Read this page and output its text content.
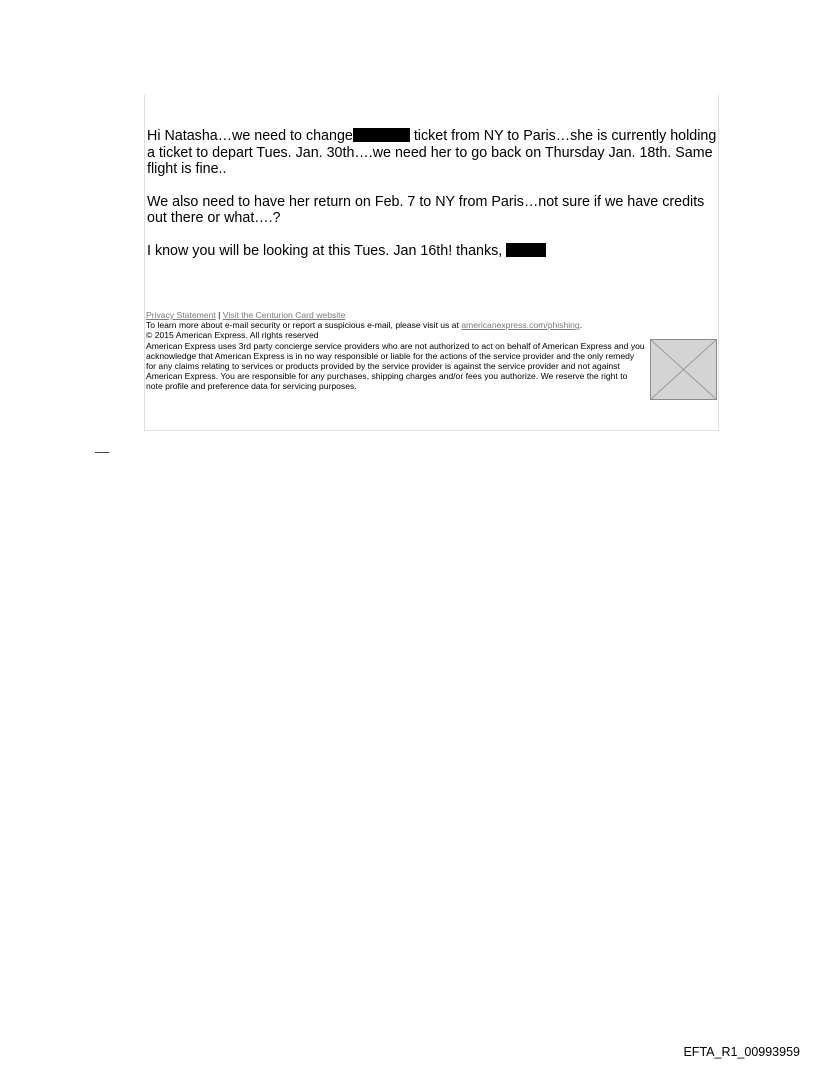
Hi Natasha…we need to change	ticket from NY to Paris…she is currently holding a ticket to depart Tues. Jan. 30th….we need her to go back on Thursday Jan. 18th. Same flight is fine..

We also need to have her return on Feb. 7 to NY from Paris…not sure if we have credits out there or what….?

I know you will be looking at this Tues. Jan 16th! thanks,

Privacy Statement | Visit the Centurion Card website
To learn more about e-mail security or report a suspicious e-mail, please visit us at americanexpress.com/phishing.
© 2015 American Express. All rights reserved
American Express uses 3rd party concierge service providers who are not authorized to act on behalf of American Express and you acknowledge that American Express is in no way responsible or liable for the actions of the service provider and the only remedy for any claims relating to services or products provided by the service provider is against the service provider and not against American Express. You are responsible for any purchases, shipping charges and/or fees you authorize. We reserve the right to note profile and preference data for servicing purposes.
EFTA_R1_00993959
